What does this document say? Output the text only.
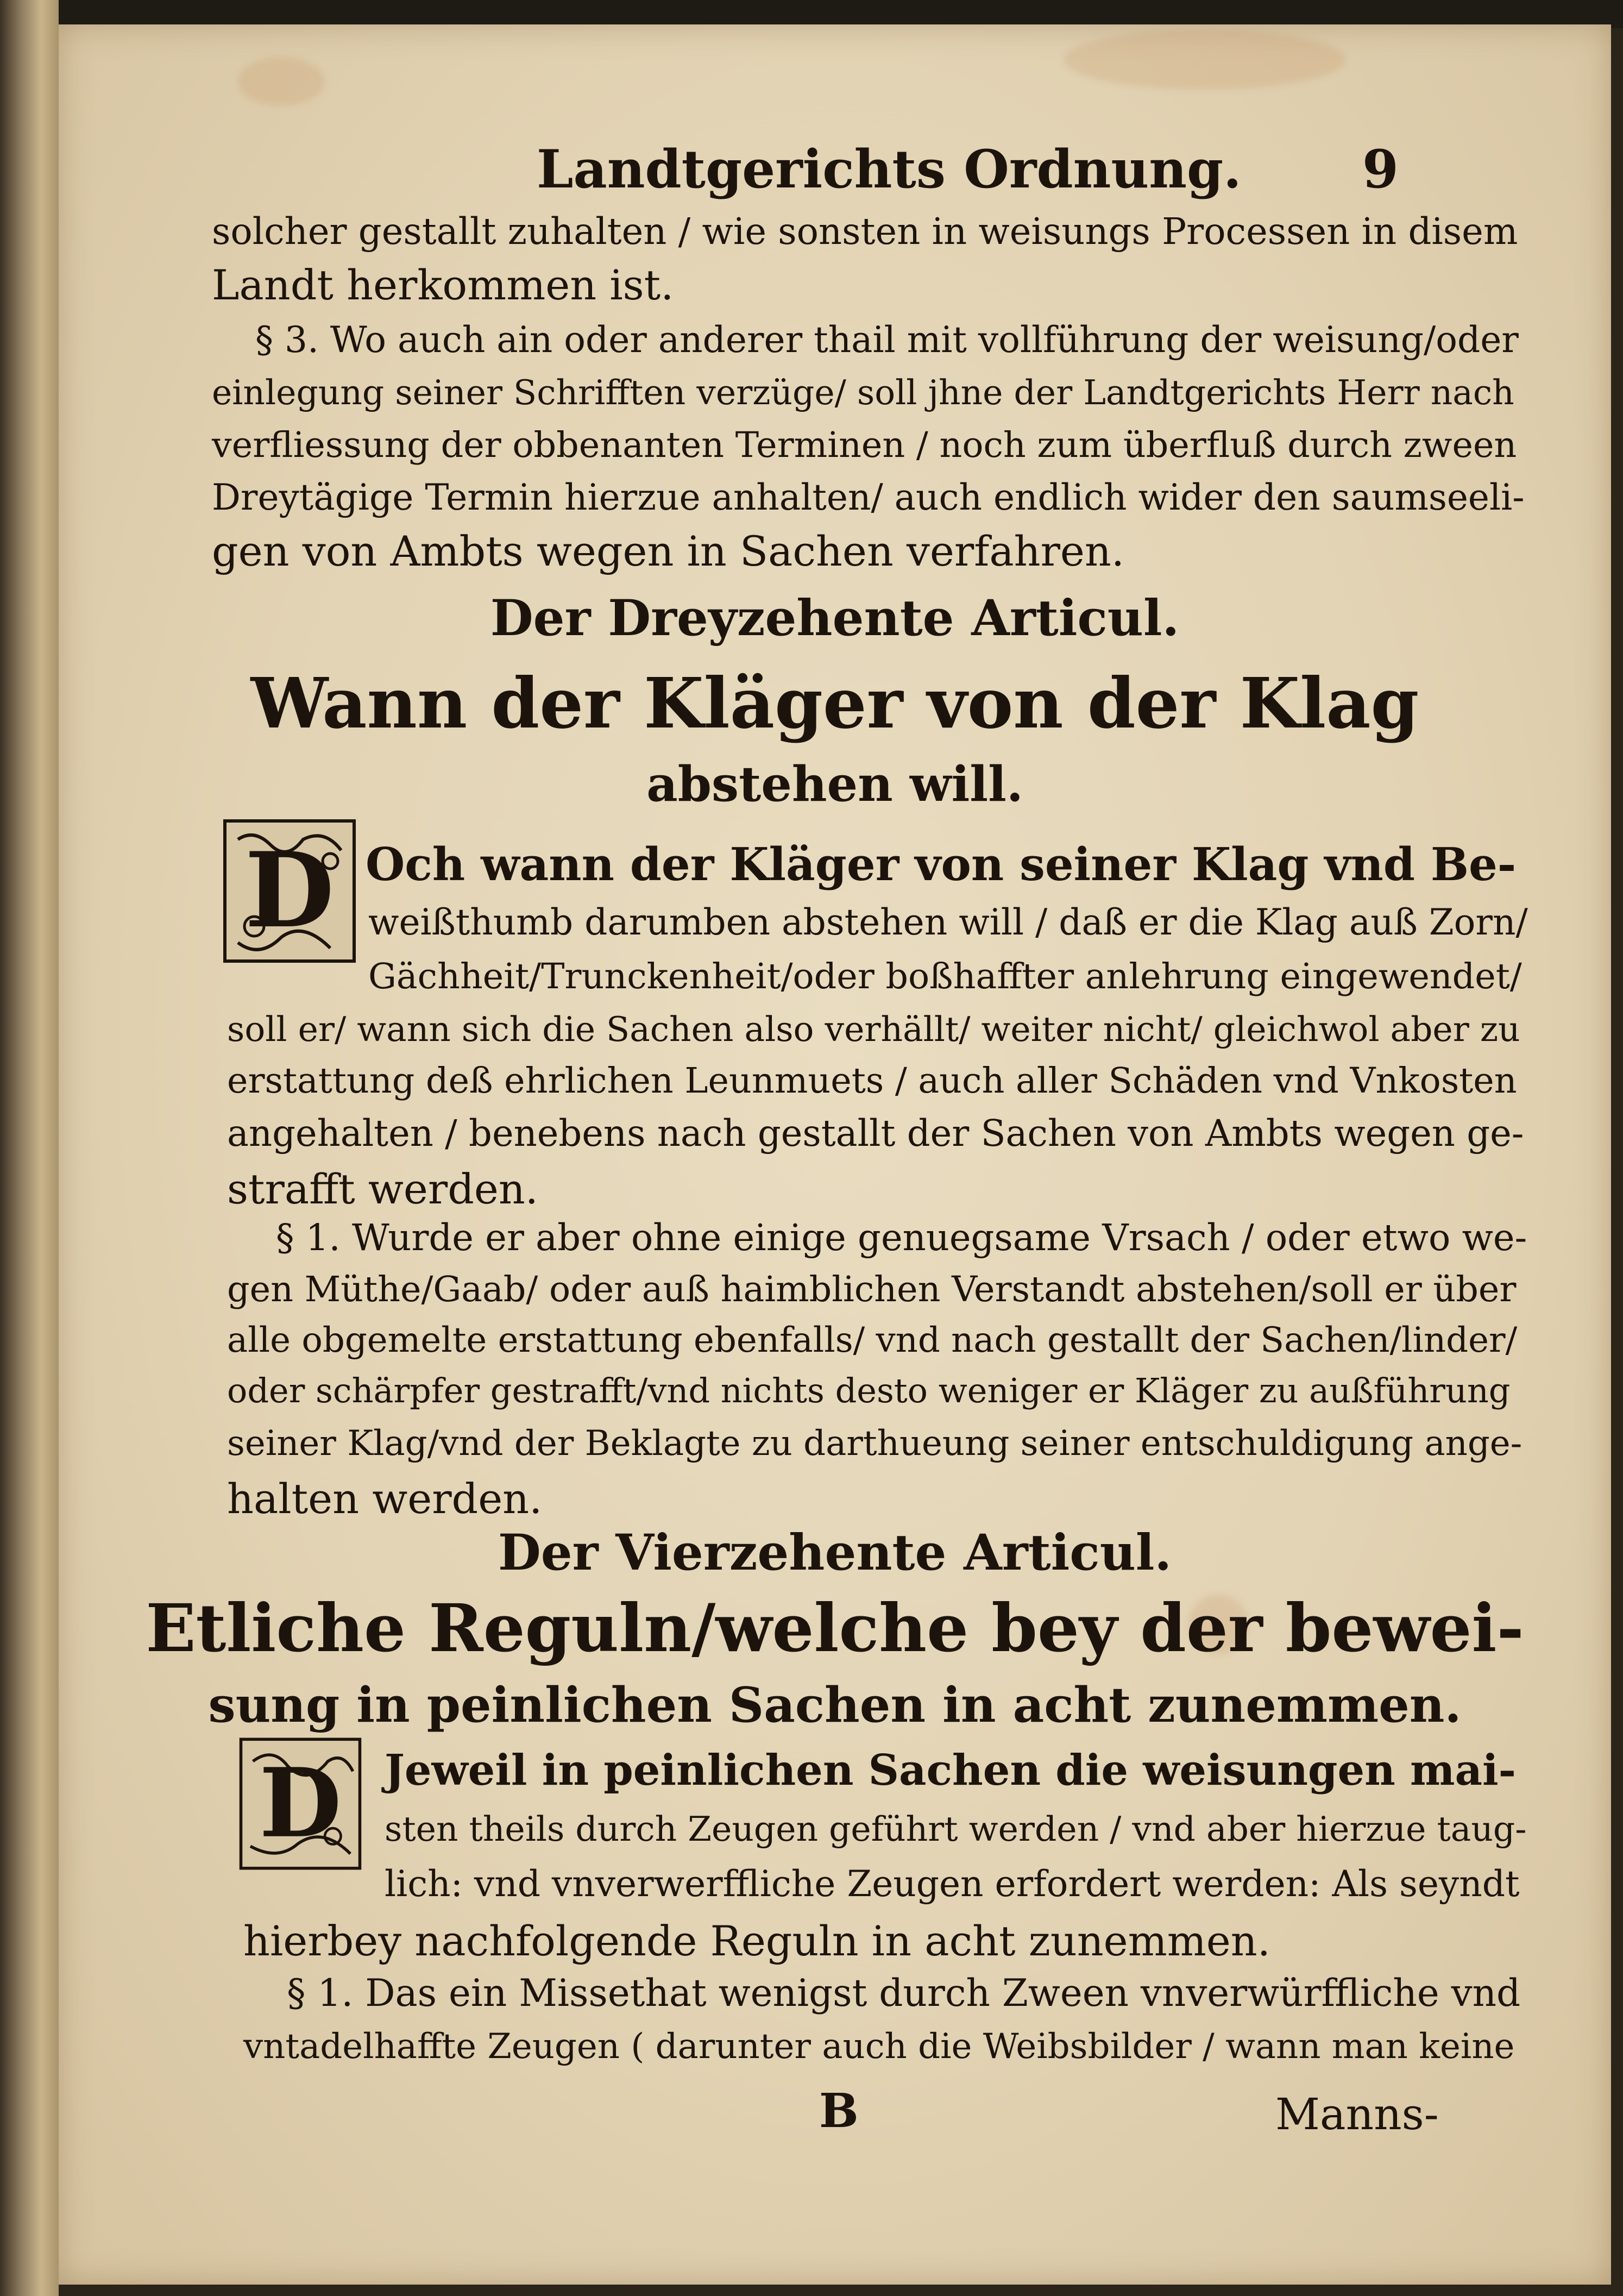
Landtgerichts Ordnung. 9
solcher gestallt zuhalten / wie sonsten in weisungs Processen in disem
Landt herkommen ist.
§ 3. Wo auch ain oder anderer thail mit vollführung der weisung/oder
einlegung seiner Schrifften verzüge/ soll jhne der Landtgerichts Herr nach
verfliessung der obbenanten Terminen / noch zum überfluß durch zween
Dreytägige Termin hierzue anhalten/ auch endlich wider den saumseeli-
gen von Ambts wegen in Sachen verfahren.
Der Dreyzehente Articul.
Wann der Kläger von der Klag
abstehen will.
D Och wann der Kläger von seiner Klag vnd Be-
weißthumb darumben abstehen will / daß er die Klag auß Zorn/
Gächheit/Trunckenheit/oder boßhaffter anlehrung eingewendet/
soll er/ wann sich die Sachen also verhällt/ weiter nicht/ gleichwol aber zu
erstattung deß ehrlichen Leunmuets / auch aller Schäden vnd Vnkosten
angehalten / benebens nach gestallt der Sachen von Ambts wegen ge-
strafft werden.
§ 1. Wurde er aber ohne einige genuegsame Vrsach / oder etwo we-
gen Müthe/Gaab/ oder auß haimblichen Verstandt abstehen/soll er über
alle obgemelte erstattung ebenfalls/ vnd nach gestallt der Sachen/linder/
oder schärpfer gestrafft/vnd nichts desto weniger er Kläger zu außführung
seiner Klag/vnd der Beklagte zu darthueung seiner entschuldigung ange-
halten werden.
Der Vierzehente Articul.
Etliche Reguln/welche bey der bewei-
sung in peinlichen Sachen in acht zunemmen.
D Jeweil in peinlichen Sachen die weisungen mai-
sten theils durch Zeugen geführt werden / vnd aber hierzue taug-
lich: vnd vnverwerffliche Zeugen erfordert werden: Als seyndt
hierbey nachfolgende Reguln in acht zunemmen.
§ 1. Das ein Missethat wenigst durch Zween vnverwürffliche vnd
vntadelhaffte Zeugen ( darunter auch die Weibsbilder / wann man keine
B	Manns-
